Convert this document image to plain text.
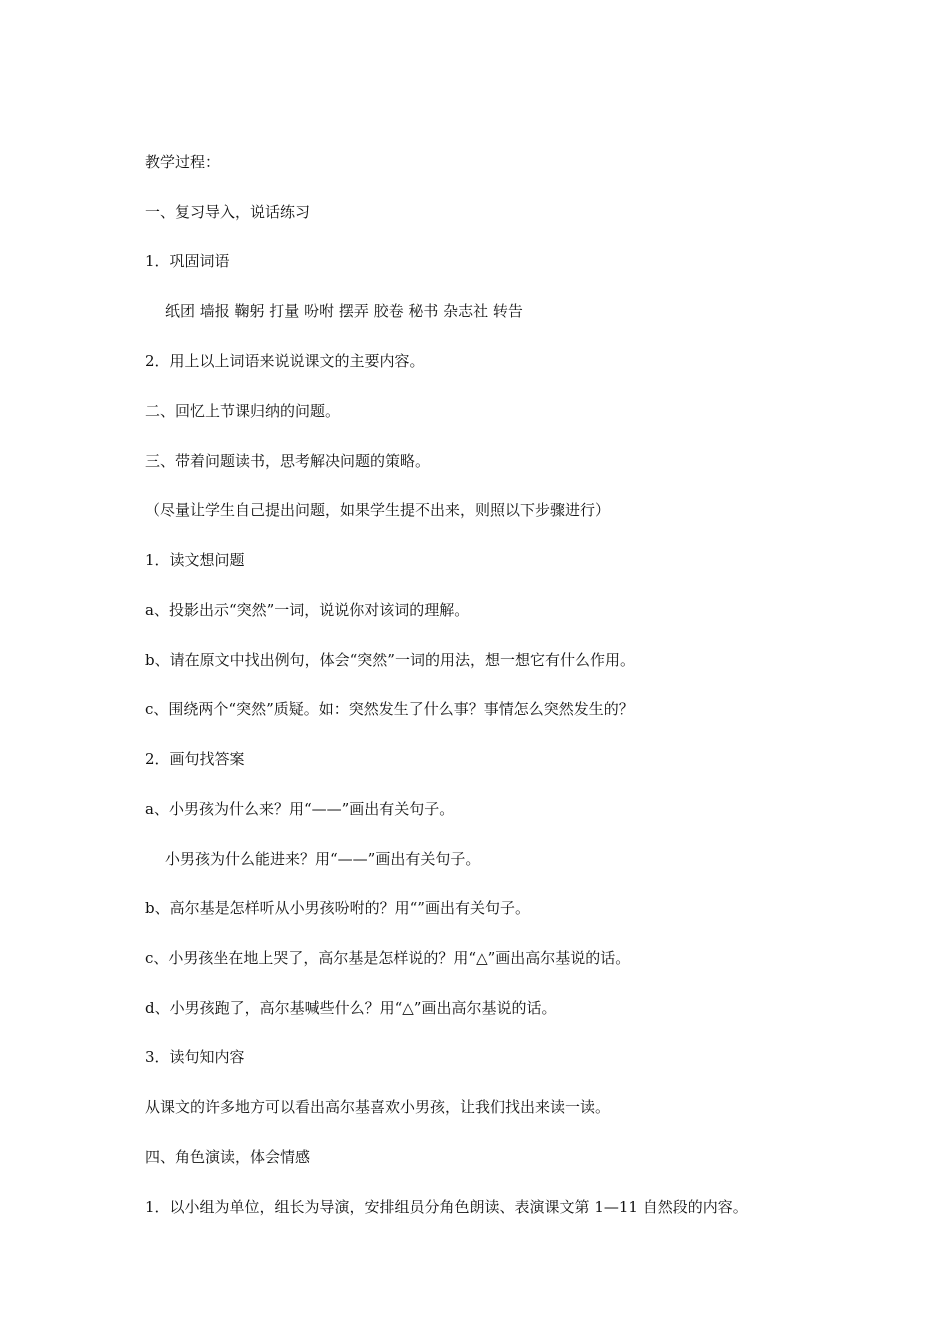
教学过程：
一、复习导入，说话练习
1．巩固词语
纸团 墙报 鞠躬 打量 吩咐 摆弄 胶卷 秘书 杂志社 转告
2．用上以上词语来说说课文的主要内容。
二、回忆上节课归纳的问题。
三、带着问题读书，思考解决问题的策略。
（尽量让学生自己提出问题，如果学生提不出来，则照以下步骤进行）
1．读文想问题
a、投影出示“突然”一词，说说你对该词的理解。
b、请在原文中找出例句，体会“突然”一词的用法，想一想它有什么作用。
c、围绕两个“突然”质疑。如：突然发生了什么事？事情怎么突然发生的？
2．画句找答案
a、小男孩为什么来？用“——”画出有关句子。
小男孩为什么能进来？用“——”画出有关句子。
b、高尔基是怎样听从小男孩吩咐的？用“”画出有关句子。
c、小男孩坐在地上哭了，高尔基是怎样说的？用“△”画出高尔基说的话。
d、小男孩跑了，高尔基喊些什么？用“△”画出高尔基说的话。
3．读句知内容
从课文的许多地方可以看出高尔基喜欢小男孩，让我们找出来读一读。
四、角色演读，体会情感
1．以小组为单位，组长为导演，安排组员分角色朗读、表演课文第 1—11 自然段的内容。
